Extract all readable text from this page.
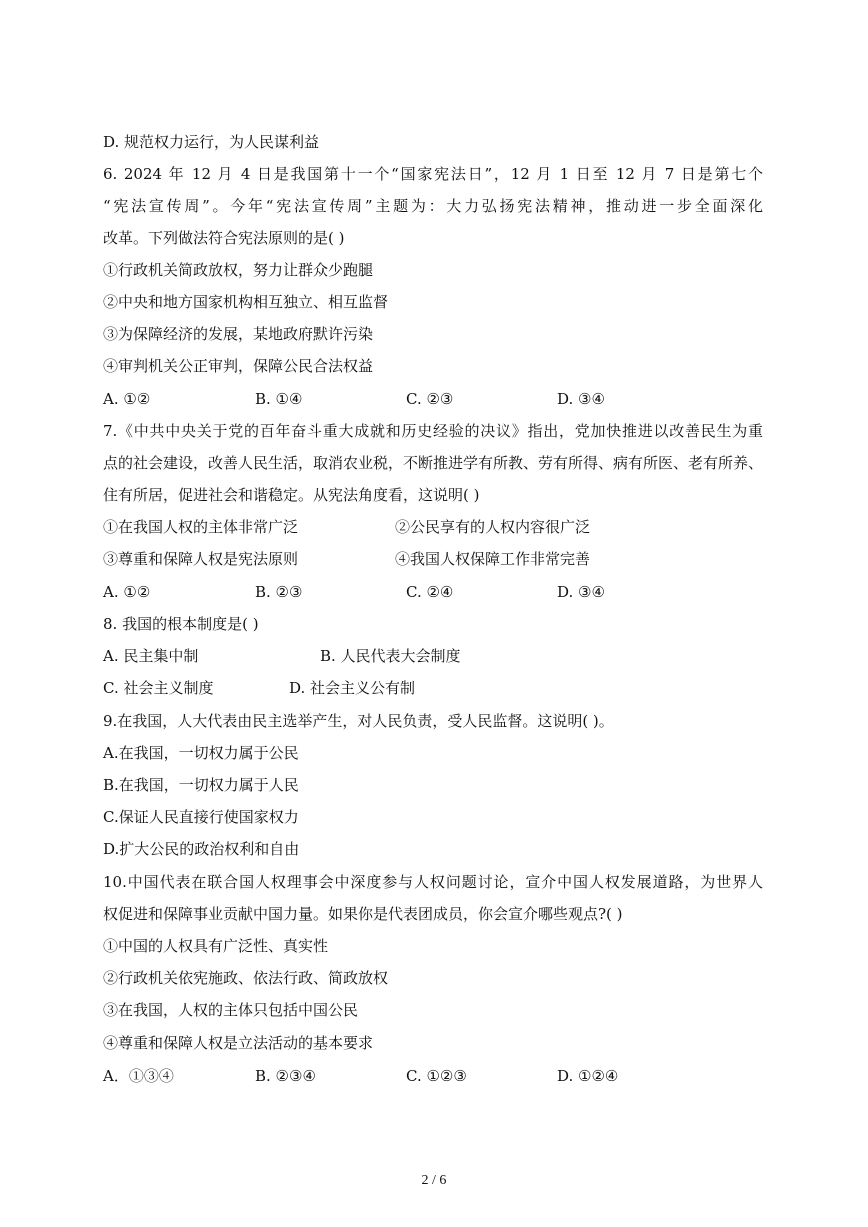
D. 规范权力运行，为人民谋利益
6. 2024 年 12 月 4 日是我国第十一个“国家宪法日”，12 月 1 日至 12 月 7 日是第七个
“宪法宣传周”。今年“宪法宣传周”主题为：大力弘扬宪法精神，推动进一步全面深化
改革。下列做法符合宪法原则的是( )
①行政机关简政放权，努力让群众少跑腿
②中央和地方国家机构相互独立、相互监督
③为保障经济的发展，某地政府默许污染
④审判机关公正审判，保障公民合法权益
A. ①②	B. ①④	C. ②③	D. ③④
7.《中共中央关于党的百年奋斗重大成就和历史经验的决议》指出，党加快推进以改善民生为重
点的社会建设，改善人民生活，取消农业税，不断推进学有所教、劳有所得、病有所医、老有所养、
住有所居，促进社会和谐稳定。从宪法角度看，这说明( )
①在我国人权的主体非常广泛	②公民享有的人权内容很广泛
③尊重和保障人权是宪法原则	④我国人权保障工作非常完善
A. ①②	B. ②③	C. ②④	D. ③④
8. 我国的根本制度是( )
A. 民主集中制	B. 人民代表大会制度
C. 社会主义制度	D. 社会主义公有制
9.在我国，人大代表由民主选举产生，对人民负责，受人民监督。这说明( )。
A.在我国，一切权力属于公民
B.在我国，一切权力属于人民
C.保证人民直接行使国家权力
D.扩大公民的政治权利和自由
10.中国代表在联合国人权理事会中深度参与人权问题讨论，宣介中国人权发展道路，为世界人
权促进和保障事业贡献中国力量。如果你是代表团成员，你会宣介哪些观点?( )
①中国的人权具有广泛性、真实性
②行政机关依宪施政、依法行政、简政放权
③在我国，人权的主体只包括中国公民
④尊重和保障人权是立法活动的基本要求
A．①③④	B. ②③④	C. ①②③	D. ①②④
2 / 6
